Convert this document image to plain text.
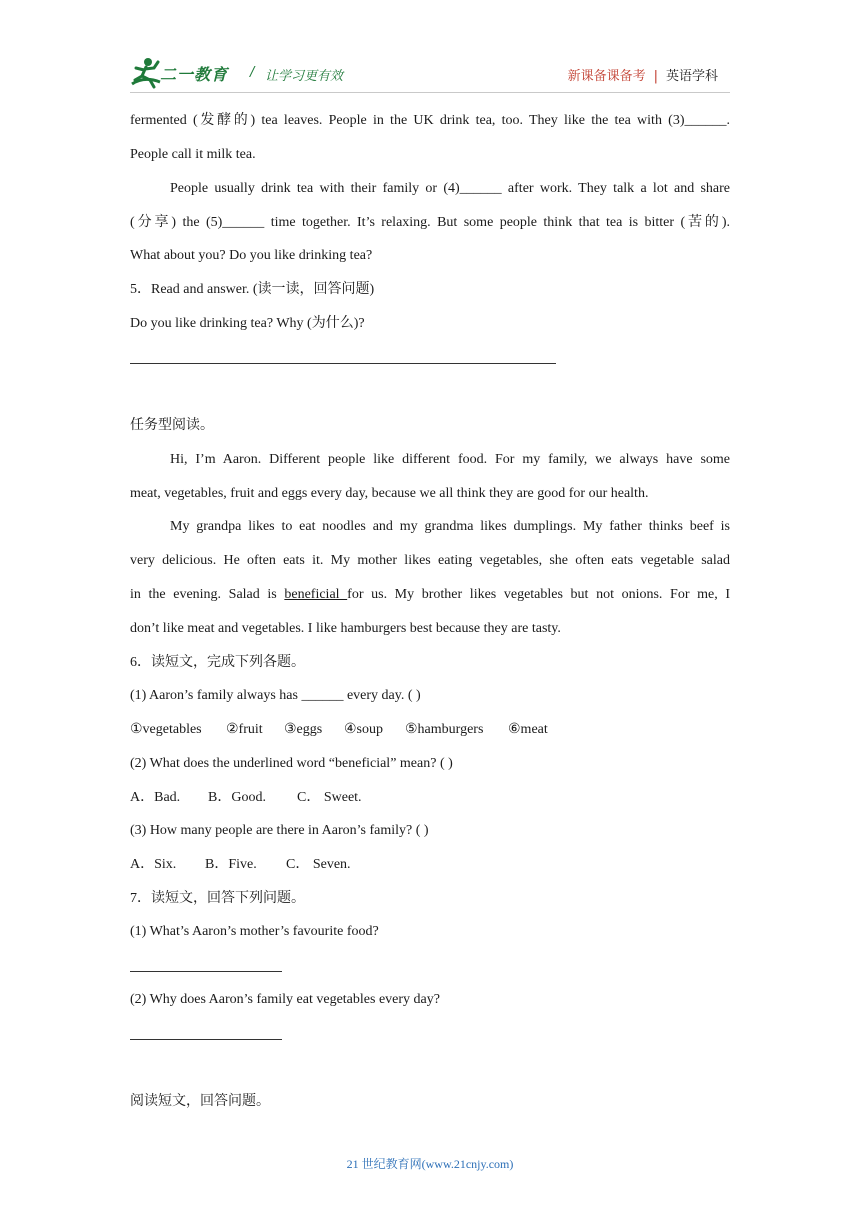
二一教育 / 让学习更有效	新课备课备考 | 英语学科
fermented (发酵的) tea leaves. People in the UK drink tea, too. They like the tea with (3)______.
People call it milk tea.
People usually drink tea with their family or (4)______ after work. They talk a lot and share
(分享) the (5)______ time together. It’s relaxing. But some people think that tea is bitter (苦的).
What about you? Do you like drinking tea?
5．Read and answer. (读一读，回答问题)
Do you like drinking tea? Why (为什么)?
任务型阅读。
Hi, I’m Aaron. Different people like different food. For my family, we always have some
meat, vegetables, fruit and eggs every day, because we all think they are good for our health.
My grandpa likes to eat noodles and my grandma likes dumplings. My father thinks beef is
very delicious. He often eats it. My mother likes eating vegetables, she often eats vegetable salad
in the evening. Salad is beneficial for us. My brother likes vegetables but not onions. For me, I
don’t like meat and vegetables. I like hamburgers best because they are tasty.
6．读短文，完成下列各题。
(1) Aaron’s family always has ______ every day. ( )
①vegetables ②fruit ③eggs ④soup ⑤hamburgers ⑥meat
(2) What does the underlined word “beneficial” mean? ( )
A．Bad. B．Good. C． Sweet.
(3) How many people are there in Aaron’s family? ( )
A．Six. B．Five. C． Seven.
7．读短文，回答下列问题。
(1) What’s Aaron’s mother’s favourite food?
(2) Why does Aaron’s family eat vegetables every day?
阅读短文，回答问题。
21 世纪教育网(www.21cnjy.com)
